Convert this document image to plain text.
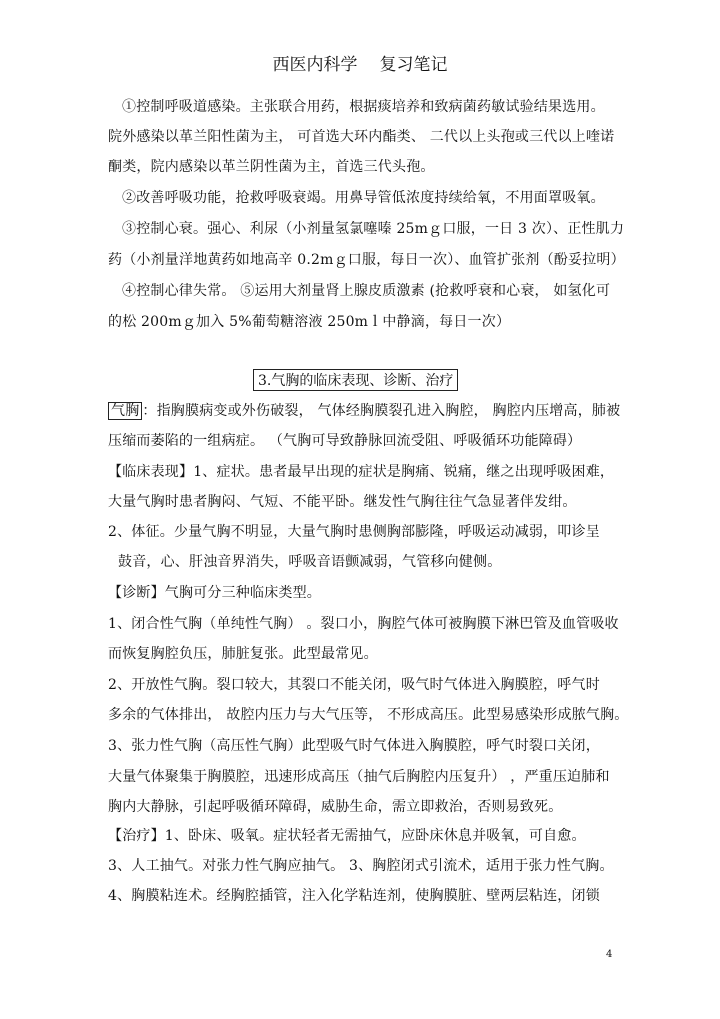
西医内科学 复习笔记
①控制呼吸道感染。主张联合用药，根据痰培养和致病菌药敏试验结果选用。
院外感染以革兰阳性菌为主， 可首选大环内酯类、 二代以上头孢或三代以上喹诺
酮类，院内感染以革兰阴性菌为主，首选三代头孢。
②改善呼吸功能，抢救呼吸衰竭。用鼻导管低浓度持续给氧，不用面罩吸氧。
③控制心衰。强心、利尿（小剂量氢氯噻嗪 25mｇ口服，一日 3 次）、正性肌力
药（小剂量洋地黄药如地高辛 0.2mｇ口服，每日一次）、血管扩张剂（酚妥拉明）
④控制心律失常。 ⑤运用大剂量肾上腺皮质激素 (抢救呼衰和心衰， 如氢化可
的松 200mｇ加入 5%葡萄糖溶液 250mｌ中静滴，每日一次）
3.气胸的临床表现、诊断、治疗
气胸 ：指胸膜病变或外伤破裂， 气体经胸膜裂孔进入胸腔， 胸腔内压增高，肺被
压缩而萎陷的一组病症。 （气胸可导致静脉回流受阻、呼吸循环功能障碍）
【临床表现】1、症状。患者最早出现的症状是胸痛、锐痛，继之出现呼吸困难，
大量气胸时患者胸闷、气短、不能平卧。继发性气胸往往气急显著伴发绀。
2、体征。少量气胸不明显，大量气胸时患侧胸部膨隆，呼吸运动减弱，叩诊呈
鼓音，心、肝浊音界消失，呼吸音语颤减弱，气管移向健侧。
【诊断】气胸可分三种临床类型。
1、闭合性气胸（单纯性气胸） 。裂口小，胸腔气体可被胸膜下淋巴管及血管吸收
而恢复胸腔负压，肺脏复张。此型最常见。
2、开放性气胸。裂口较大，其裂口不能关闭，吸气时气体进入胸膜腔，呼气时
多余的气体排出， 故腔内压力与大气压等， 不形成高压。此型易感染形成脓气胸。
3、张力性气胸（高压性气胸）此型吸气时气体进入胸膜腔，呼气时裂口关闭，
大量气体聚集于胸膜腔，迅速形成高压（抽气后胸腔内压复升） ，严重压迫肺和
胸内大静脉，引起呼吸循环障碍，威胁生命，需立即救治，否则易致死。
【治疗】1、卧床、吸氧。症状轻者无需抽气，应卧床休息并吸氧，可自愈。
3、人工抽气。对张力性气胸应抽气。 3、胸腔闭式引流术，适用于张力性气胸。
4、胸膜粘连术。经胸腔插管，注入化学粘连剂，使胸膜脏、壁两层粘连，闭锁
4
